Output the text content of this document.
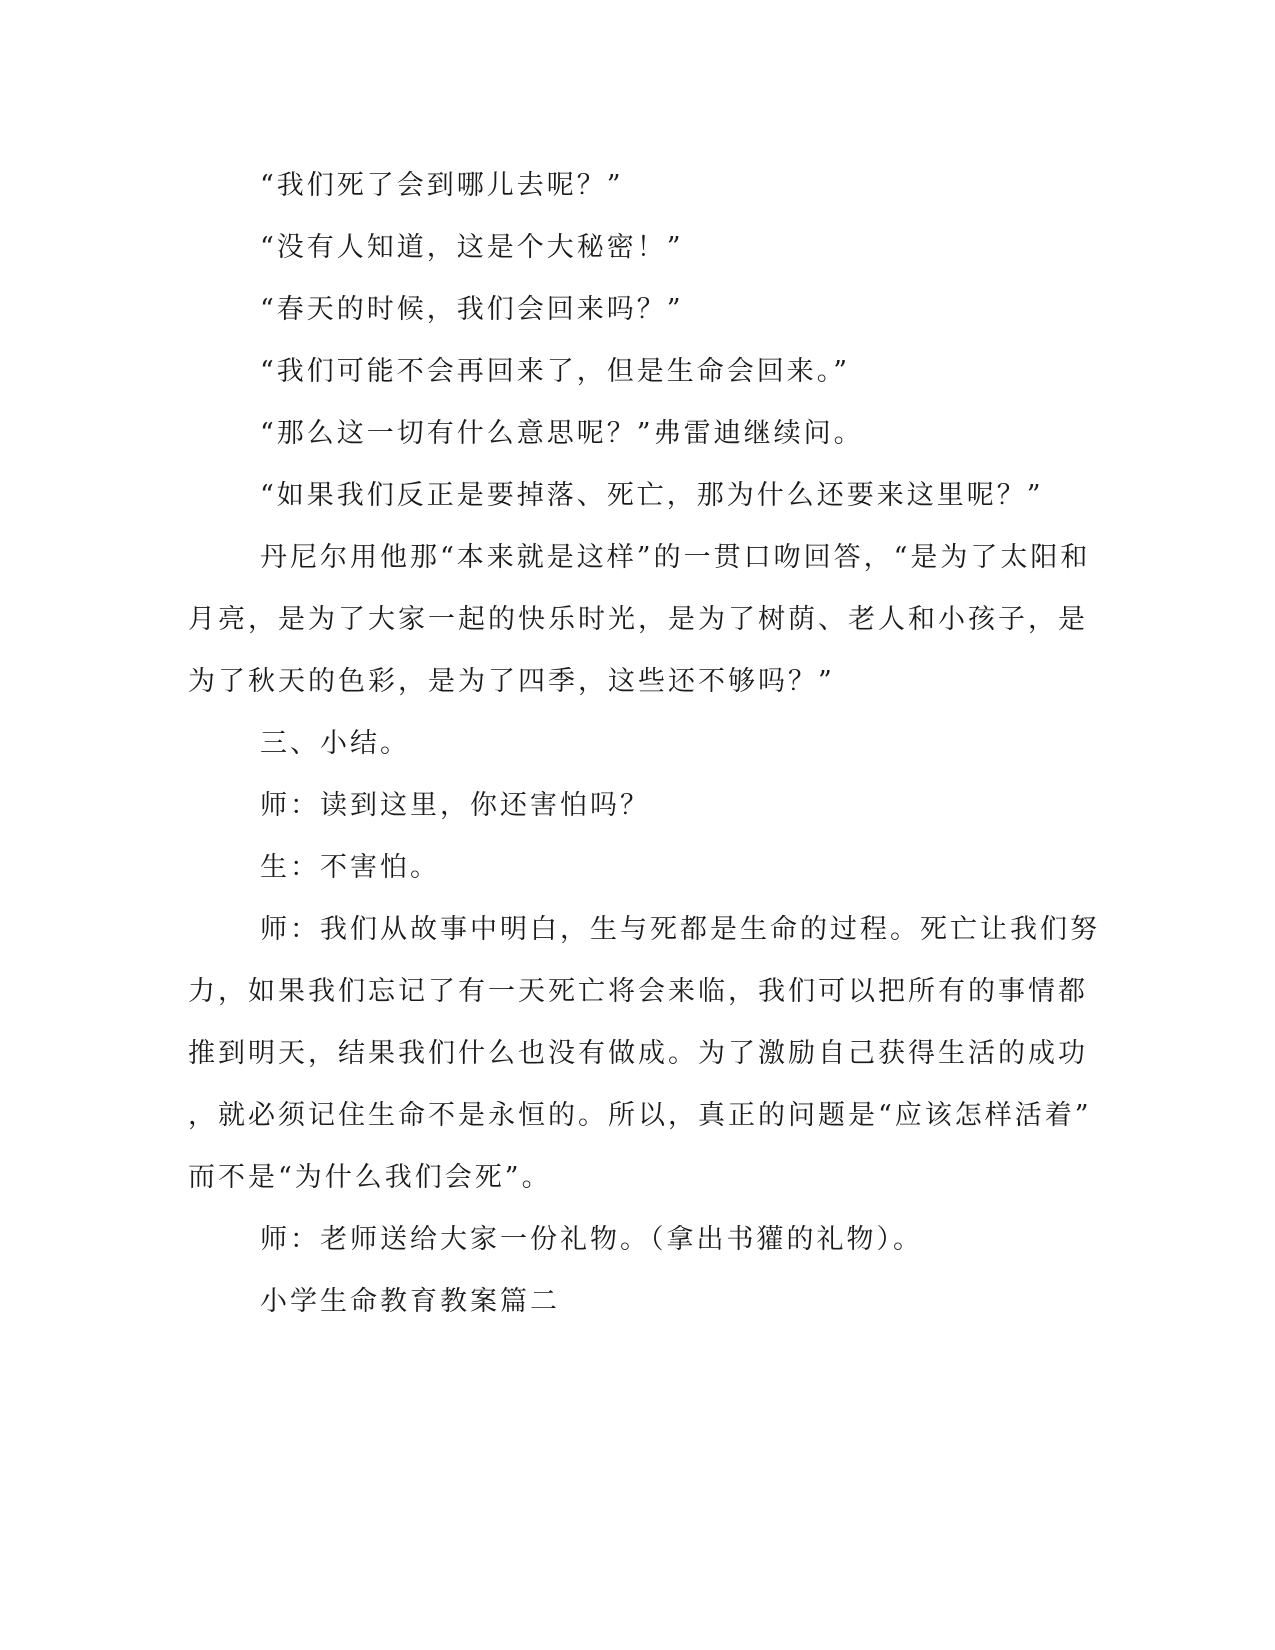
“我们死了会到哪儿去呢？”
“没有人知道，这是个大秘密！”
“春天的时候，我们会回来吗？”
“我们可能不会再回来了，但是生命会回来。”
“那么这一切有什么意思呢？”弗雷迪继续问。
“如果我们反正是要掉落、死亡，那为什么还要来这里呢？”
丹尼尔用他那“本来就是这样”的一贯口吻回答，“是为了太阳和
月亮，是为了大家一起的快乐时光，是为了树荫、老人和小孩子，是
为了秋天的色彩，是为了四季，这些还不够吗？”
三、小结。
师：读到这里，你还害怕吗？
生：不害怕。
师：我们从故事中明白，生与死都是生命的过程。死亡让我们努
力，如果我们忘记了有一天死亡将会来临，我们可以把所有的事情都
推到明天，结果我们什么也没有做成。为了激励自己获得生活的成功
，就必须记住生命不是永恒的。所以，真正的问题是“应该怎样活着”
而不是“为什么我们会死”。
师：老师送给大家一份礼物。（拿出书獾的礼物）。
小学生命教育教案篇二
